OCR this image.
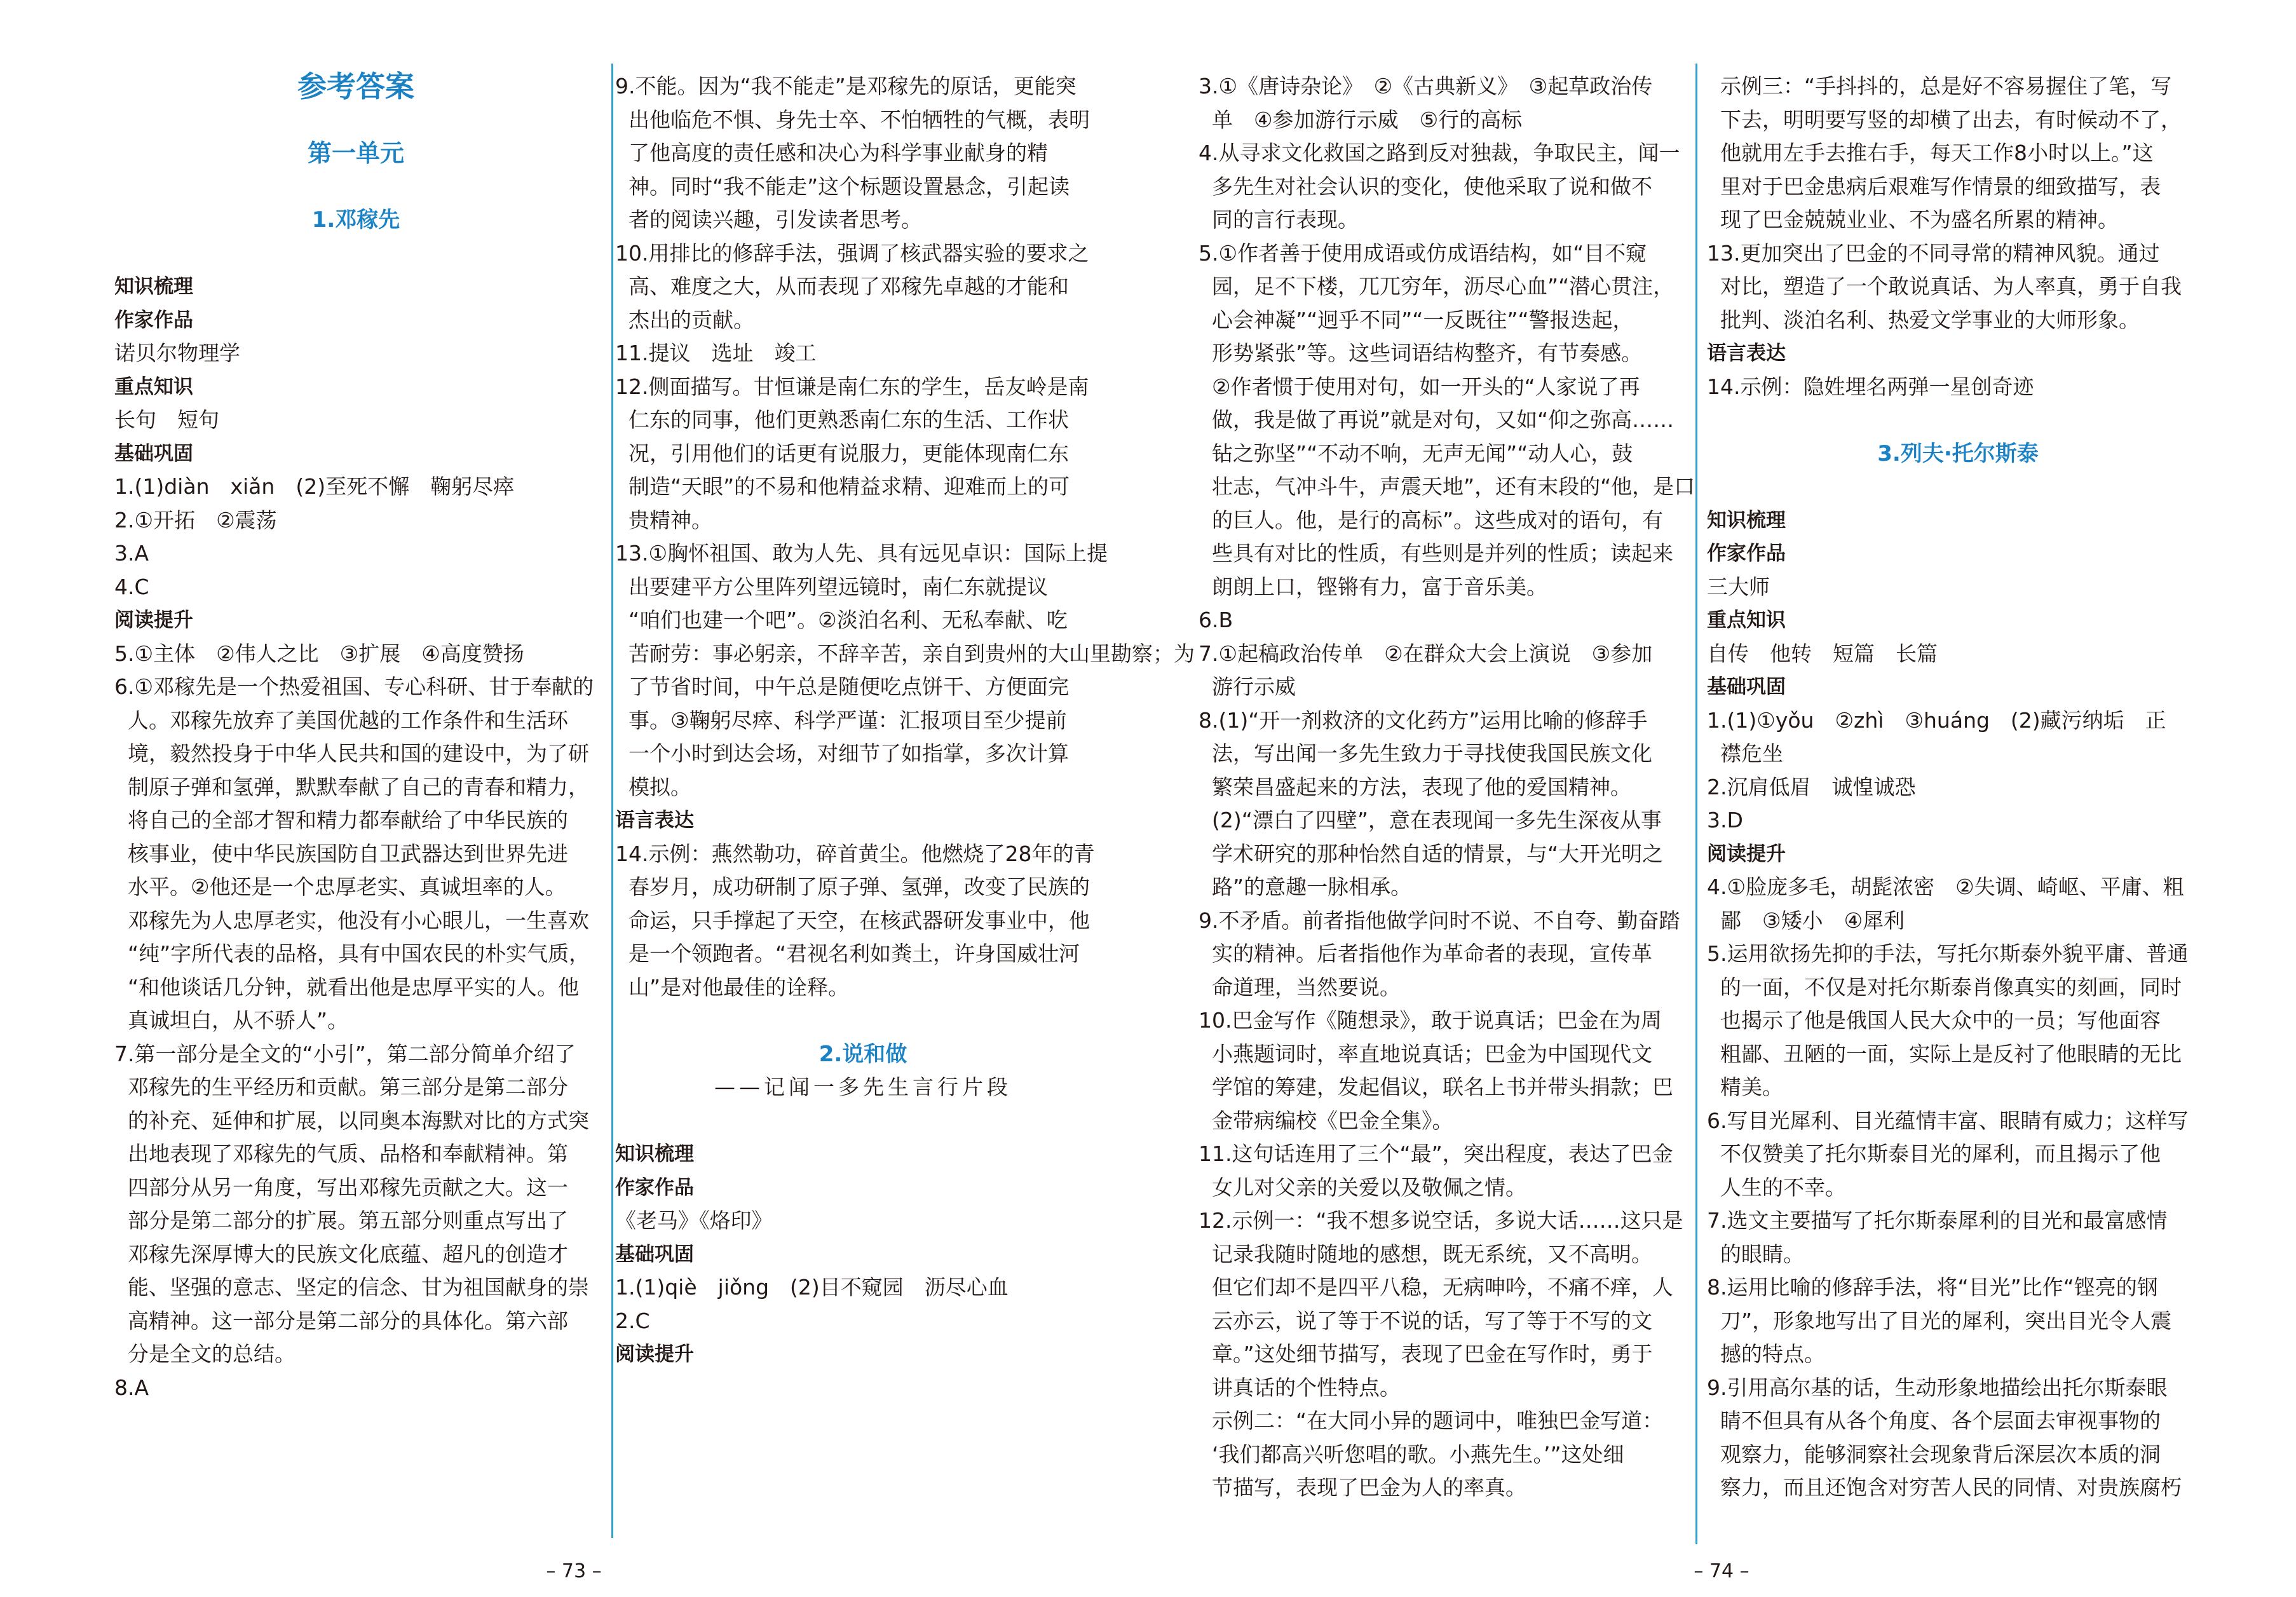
参考答案
第一单元
1.邓稼先
知识梳理
作家作品
诺贝尔物理学
重点知识
长句　短句
基础巩固
1.(1)diàn　xiǎn　(2)至死不懈　鞠躬尽瘁
2.①开拓　②震荡
3.A
4.C
阅读提升
5.①主体　②伟人之比　③扩展　④高度赞扬
6.①邓稼先是一个热爱祖国、专心科研、甘于奉献的
人。邓稼先放弃了美国优越的工作条件和生活环
境，毅然投身于中华人民共和国的建设中，为了研
制原子弹和氢弹，默默奉献了自己的青春和精力，
将自己的全部才智和精力都奉献给了中华民族的
核事业，使中华民族国防自卫武器达到世界先进
水平。②他还是一个忠厚老实、真诚坦率的人。
邓稼先为人忠厚老实，他没有小心眼儿，一生喜欢
“纯”字所代表的品格，具有中国农民的朴实气质，
“和他谈话几分钟，就看出他是忠厚平实的人。他
真诚坦白，从不骄人”。
7.第一部分是全文的“小引”，第二部分简单介绍了
邓稼先的生平经历和贡献。第三部分是第二部分
的补充、延伸和扩展，以同奥本海默对比的方式突
出地表现了邓稼先的气质、品格和奉献精神。第
四部分从另一角度，写出邓稼先贡献之大。这一
部分是第二部分的扩展。第五部分则重点写出了
邓稼先深厚博大的民族文化底蕴、超凡的创造才
能、坚强的意志、坚定的信念、甘为祖国献身的崇
高精神。这一部分是第二部分的具体化。第六部
分是全文的总结。
8.A
9.不能。因为“我不能走”是邓稼先的原话，更能突
出他临危不惧、身先士卒、不怕牺牲的气概，表明
了他高度的责任感和决心为科学事业献身的精
神。同时“我不能走”这个标题设置悬念，引起读
者的阅读兴趣，引发读者思考。
10.用排比的修辞手法，强调了核武器实验的要求之
高、难度之大，从而表现了邓稼先卓越的才能和
杰出的贡献。
11.提议　选址　竣工
12.侧面描写。甘恒谦是南仁东的学生，岳友岭是南
仁东的同事，他们更熟悉南仁东的生活、工作状
况，引用他们的话更有说服力，更能体现南仁东
制造“天眼”的不易和他精益求精、迎难而上的可
贵精神。
13.①胸怀祖国、敢为人先、具有远见卓识：国际上提
出要建平方公里阵列望远镜时，南仁东就提议
“咱们也建一个吧”。②淡泊名利、无私奉献、吃
苦耐劳：事必躬亲，不辞辛苦，亲自到贵州的大山里勘察；为
了节省时间，中午总是随便吃点饼干、方便面完
事。③鞠躬尽瘁、科学严谨：汇报项目至少提前
一个小时到达会场，对细节了如指掌，多次计算
模拟。
语言表达
14.示例：燕然勒功，碎首黄尘。他燃烧了28年的青
春岁月，成功研制了原子弹、氢弹，改变了民族的
命运，只手撑起了天空，在核武器研发事业中，他
是一个领跑者。“君视名利如粪土，许身国威壮河
山”是对他最佳的诠释。
2.说和做
——记闻一多先生言行片段
知识梳理
作家作品
《老马》《烙印》
基础巩固
1.(1)qiè　jiǒng　(2)目不窥园　沥尽心血
2.C
阅读提升
– 73 –
3.①《唐诗杂论》　②《古典新义》　③起草政治传
单　④参加游行示威　⑤行的高标
4.从寻求文化救国之路到反对独裁，争取民主，闻一
多先生对社会认识的变化，使他采取了说和做不
同的言行表现。
5.①作者善于使用成语或仿成语结构，如“目不窥
园，足不下楼，兀兀穷年，沥尽心血”“潜心贯注，
心会神凝”“迥乎不同”“一反既往”“警报迭起，
形势紧张”等。这些词语结构整齐，有节奏感。
②作者惯于使用对句，如一开头的“人家说了再
做，我是做了再说”就是对句，又如“仰之弥高……
钻之弥坚”“不动不响，无声无闻”“动人心，鼓
壮志，气冲斗牛，声震天地”，还有末段的“他，是口
的巨人。他，是行的高标”。这些成对的语句，有
些具有对比的性质，有些则是并列的性质；读起来
朗朗上口，铿锵有力，富于音乐美。
6.B
7.①起稿政治传单　②在群众大会上演说　③参加
游行示威
8.(1)“开一剂救济的文化药方”运用比喻的修辞手
法，写出闻一多先生致力于寻找使我国民族文化
繁荣昌盛起来的方法，表现了他的爱国精神。
(2)“漂白了四壁”，意在表现闻一多先生深夜从事
学术研究的那种怡然自适的情景，与“大开光明之
路”的意趣一脉相承。
9.不矛盾。前者指他做学问时不说、不自夸、勤奋踏
实的精神。后者指他作为革命者的表现，宣传革
命道理，当然要说。
10.巴金写作《随想录》，敢于说真话；巴金在为周
小燕题词时，率直地说真话；巴金为中国现代文
学馆的筹建，发起倡议，联名上书并带头捐款；巴
金带病编校《巴金全集》。
11.这句话连用了三个“最”，突出程度，表达了巴金
女儿对父亲的关爱以及敬佩之情。
12.示例一：“我不想多说空话，多说大话……这只是
记录我随时随地的感想，既无系统，又不高明。
但它们却不是四平八稳，无病呻吟，不痛不痒，人
云亦云，说了等于不说的话，写了等于不写的文
章。”这处细节描写，表现了巴金在写作时，勇于
讲真话的个性特点。
示例二：“在大同小异的题词中，唯独巴金写道：
‘我们都高兴听您唱的歌。小燕先生。’”这处细
节描写，表现了巴金为人的率真。
示例三：“手抖抖的，总是好不容易握住了笔，写
下去，明明要写竖的却横了出去，有时候动不了，
他就用左手去推右手，每天工作8小时以上。”这
里对于巴金患病后艰难写作情景的细致描写，表
现了巴金兢兢业业、不为盛名所累的精神。
13.更加突出了巴金的不同寻常的精神风貌。通过
对比，塑造了一个敢说真话、为人率真，勇于自我
批判、淡泊名利、热爱文学事业的大师形象。
语言表达
14.示例：隐姓埋名两弹一星创奇迹
3.列夫·托尔斯泰
知识梳理
作家作品
三大师
重点知识
自传　他转　短篇　长篇
基础巩固
1.(1)①yǒu　②zhì　③huáng　(2)藏污纳垢　正
襟危坐
2.沉肩低眉　诚惶诚恐
3.D
阅读提升
4.①脸庞多毛，胡髭浓密　②失调、崎岖、平庸、粗
鄙　③矮小　④犀利
5.运用欲扬先抑的手法，写托尔斯泰外貌平庸、普通
的一面，不仅是对托尔斯泰肖像真实的刻画，同时
也揭示了他是俄国人民大众中的一员；写他面容
粗鄙、丑陋的一面，实际上是反衬了他眼睛的无比
精美。
6.写目光犀利、目光蕴情丰富、眼睛有威力；这样写
不仅赞美了托尔斯泰目光的犀利，而且揭示了他
人生的不幸。
7.选文主要描写了托尔斯泰犀利的目光和最富感情
的眼睛。
8.运用比喻的修辞手法，将“目光”比作“铿亮的钢
刀”，形象地写出了目光的犀利，突出目光令人震
撼的特点。
9.引用高尔基的话，生动形象地描绘出托尔斯泰眼
睛不但具有从各个角度、各个层面去审视事物的
观察力，能够洞察社会现象背后深层次本质的洞
察力，而且还饱含对穷苦人民的同情、对贵族腐朽
– 74 –
